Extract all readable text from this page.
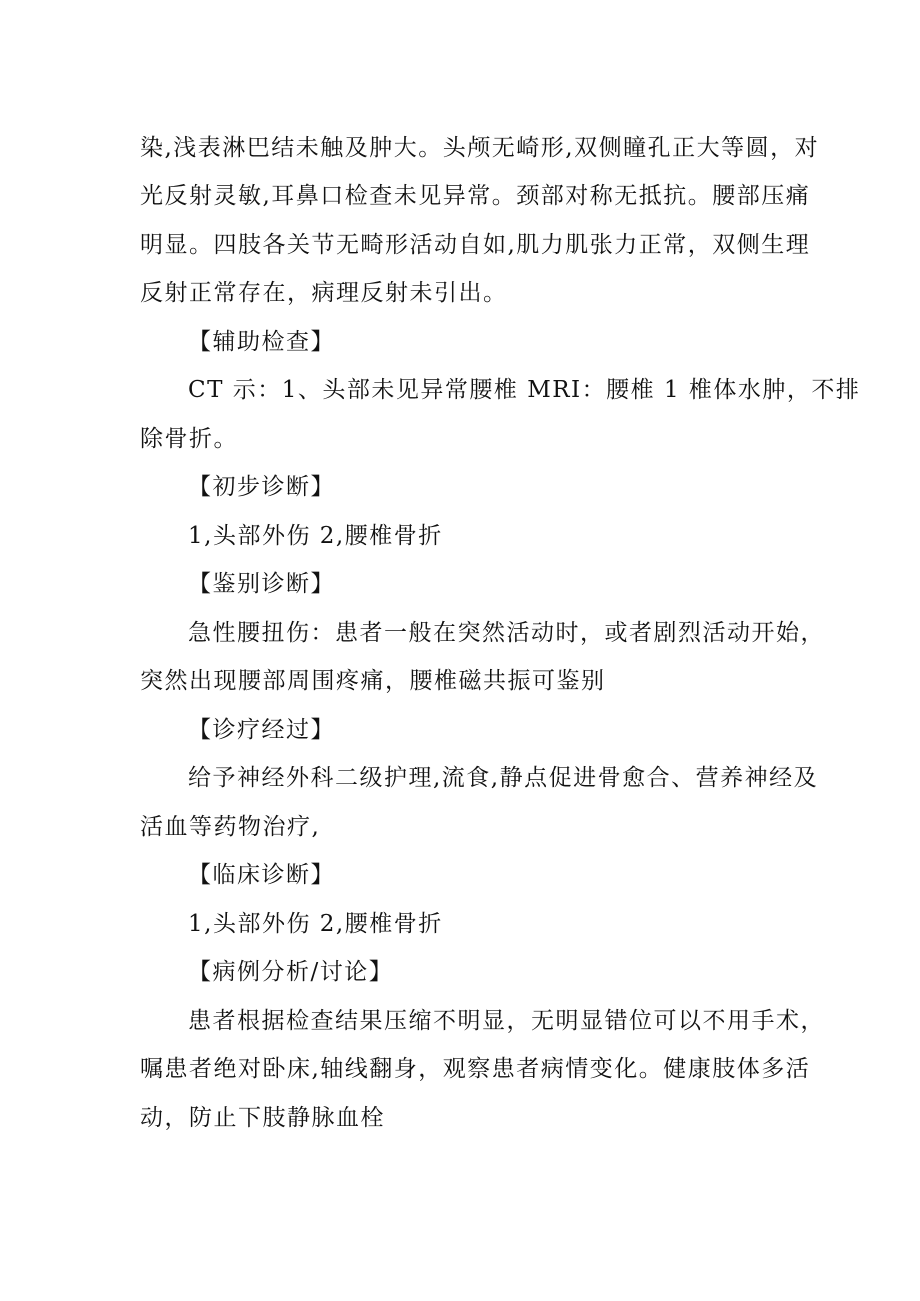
染,浅表淋巴结未触及肿大。头颅无崎形,双侧瞳孔正大等圆，对
光反射灵敏,耳鼻口检查未见异常。颈部对称无抵抗。腰部压痛
明显。四肢各关节无畸形活动自如,肌力肌张力正常，双侧生理
反射正常存在，病理反射未引出。
【辅助检查】
CT 示：1、头部未见异常腰椎 MRI：腰椎 1 椎体水肿，不排
除骨折。
【初步诊断】
1,头部外伤 2,腰椎骨折
【鉴别诊断】
急性腰扭伤：患者一般在突然活动时，或者剧烈活动开始，
突然出现腰部周围疼痛，腰椎磁共振可鉴别
【诊疗经过】
给予神经外科二级护理,流食,静点促进骨愈合、营养神经及
活血等药物治疗,
【临床诊断】
1,头部外伤 2,腰椎骨折
【病例分析/讨论】
患者根据检查结果压缩不明显，无明显错位可以不用手术，
嘱患者绝对卧床,轴线翻身，观察患者病情变化。健康肢体多活
动，防止下肢静脉血栓
